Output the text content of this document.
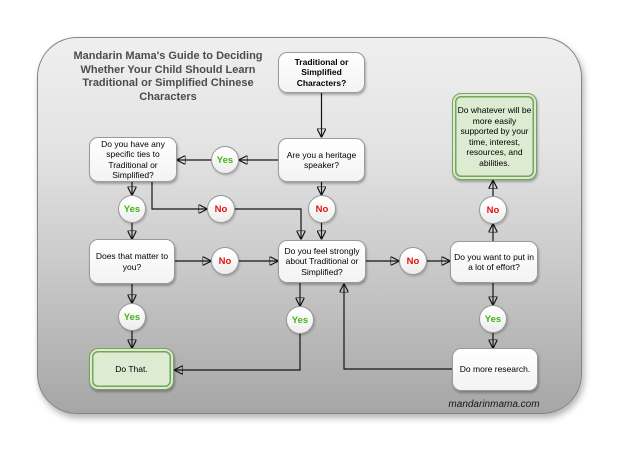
Mandarin Mama's Guide to Deciding Whether Your Child Should Learn Traditional or Simplified Chinese Characters
Traditional or Simplified Characters?
Are you a heritage speaker?
Do you have any specific ties to Traditional or Simplified?
Does that matter to you?
Do you feel strongly about Traditional or Simplified?
Do you want to put in a lot of effort?
Do whatever will be more easily supported by your time, interest, resources, and abilities.
Do That.	Do more research.
Yes
Yes	No	No
No	No
No
Yes	Yes	Yes
mandarinmama.com
